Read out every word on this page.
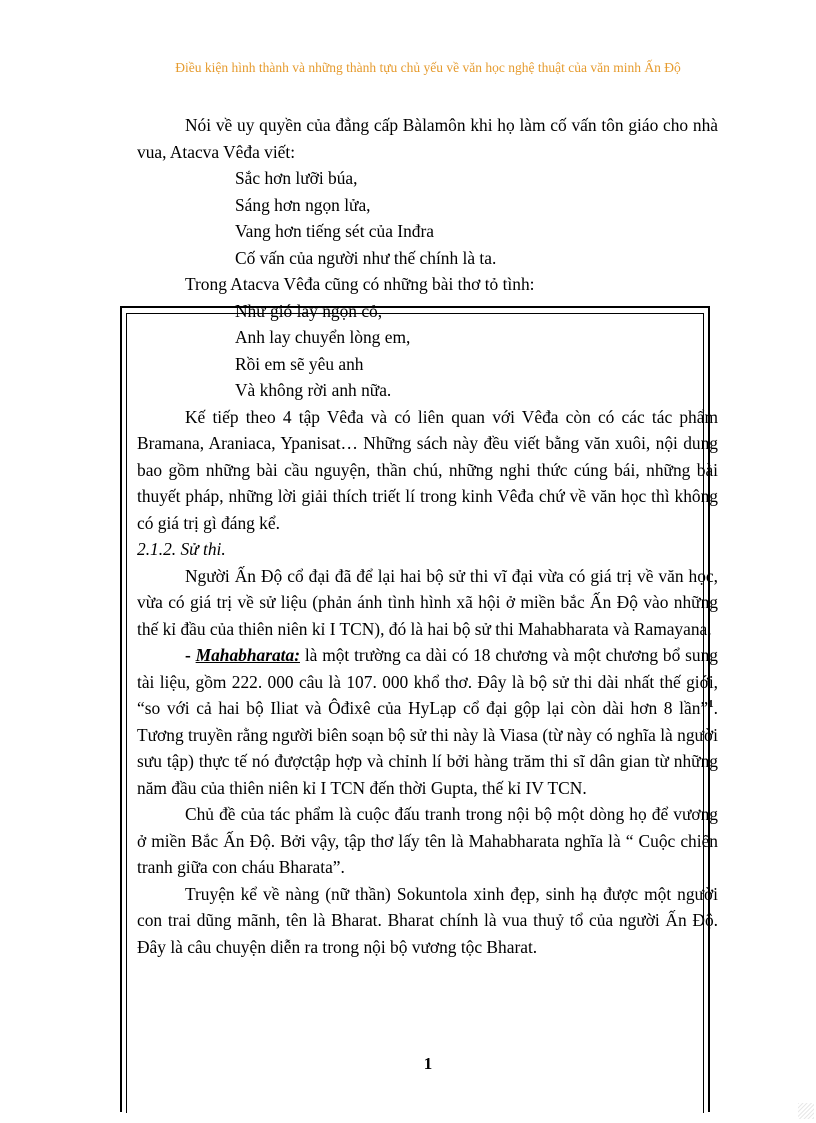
Điều kiện hình thành và những thành tựu chủ yếu về văn học nghệ thuật của văn minh Ấn Độ

Nói về uy quyền của đẳng cấp Bàlamôn khi họ làm cố vấn tôn giáo cho nhà vua, Atacva Vêđa viết:

Sắc hơn lưỡi búa,

Sáng hơn ngọn lửa,

Vang hơn tiếng sét của Inđra

Cố vấn của người như thế chính là ta.

Trong Atacva Vêđa cũng có những bài thơ tỏ tình:

Như gió lay ngọn cỏ,

Anh lay chuyển lòng em,

Rồi em sẽ yêu anh

Và không rời anh nữa.

Kế tiếp theo 4 tập Vêđa và có liên quan với Vêđa còn có các tác phẩm Bramana, Araniaca, Ypanisat… Những sách này đều viết bằng văn xuôi, nội dung bao gồm những bài cầu nguyện, thần chú, những nghi thức cúng bái, những bài thuyết pháp, những lời giải thích triết lí trong kinh Vêđa chứ về văn học thì không có giá trị gì đáng kể.

2.1.2. Sử thi.

Người Ấn Độ cổ đại đã để lại hai bộ sử thi vĩ đại vừa có giá trị về văn học, vừa có giá trị về sử liệu (phản ánh tình hình xã hội ở miền bắc Ấn Độ vào những thế kỉ đầu của thiên niên kỉ I TCN), đó là hai bộ sử thi Mahabharata và Ramayana.

- Mahabharata: là một trường ca dài có 18 chương và một chương bổ sung tài liệu, gồm 222. 000 câu là 107. 000 khổ thơ. Đây là bộ sử thi dài nhất thế giới, “so với cả hai bộ Iliat và Ôđixê của HyLạp cổ đại gộp lại còn dài hơn 8 lần”$^1$. Tương truyền rằng người biên soạn bộ sử thi này là Viasa (từ này có nghĩa là người sưu tập) thực tế nó đượctập hợp và chỉnh lí bởi hàng trăm thi sĩ dân gian từ những năm đầu của thiên niên kỉ I TCN đến thời Gupta, thế kỉ IV TCN.

Chủ đề của tác phẩm là cuộc đấu tranh trong nội bộ một dòng họ để vương ở miền Bắc Ấn Độ. Bởi vậy, tập thơ lấy tên là Mahabharata nghĩa là “ Cuộc chiến tranh giữa con cháu Bharata”.

Truyện kể về nàng (nữ thần) Sokuntola xinh đẹp, sinh hạ được một người con trai dũng mãnh, tên là Bharat. Bharat chính là vua thuỷ tổ của người Ấn Độ. Đây là câu chuyện diễn ra trong nội bộ vương tộc Bharat.

1
